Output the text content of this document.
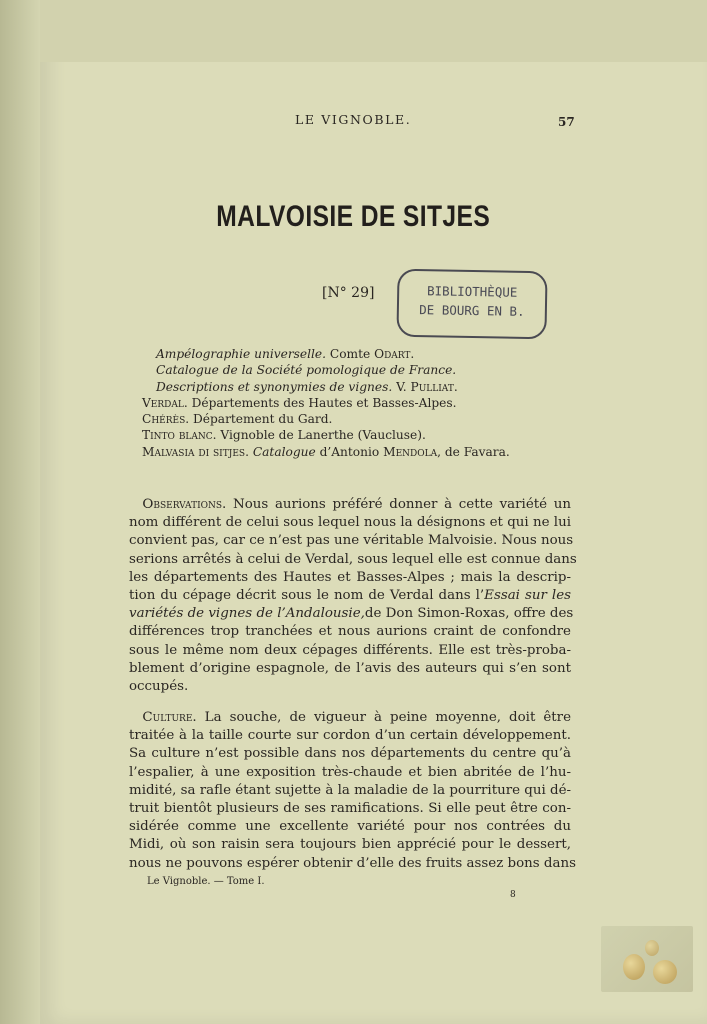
LE VIGNOBLE.	57
MALVOISIE DE SITJES
[N° 29]	BIBLIOTHÈQUE
DE BOURG EN B.
Ampélographie universelle. Comte Odart.
Catalogue de la Société pomologique de France.
Descriptions et synonymies de vignes. V. Pulliat.
Verdal. Départements des Hautes et Basses-Alpes.
Chérès. Département du Gard.
Tinto blanc. Vignoble de Lanerthe (Vaucluse).
Malvasia di sitjes. Catalogue d’Antonio Mendola, de Favara.
 Observations. Nous aurions préféré donner à cette variété un
nom différent de celui sous lequel nous la désignons et qui ne lui
convient pas, car ce n’est pas une véritable Malvoisie. Nous nous
serions arrêtés à celui de Verdal, sous lequel elle est connue dans
les départements des Hautes et Basses-Alpes ; mais la descrip-
tion du cépage décrit sous le nom de Verdal dans l’Essai sur les
variétés de vignes de l’Andalousie,de Don Simon-Roxas, offre des
différences trop tranchées et nous aurions craint de confondre
sous le même nom deux cépages différents. Elle est très-proba-
blement d’origine espagnole, de l’avis des auteurs qui s’en sont
occupés.
 Culture. La souche, de vigueur à peine moyenne, doit être
traitée à la taille courte sur cordon d’un certain développement.
Sa culture n’est possible dans nos départements du centre qu’à
l’espalier, à une exposition très-chaude et bien abritée de l’hu-
midité, sa rafle étant sujette à la maladie de la pourriture qui dé-
truit bientôt plusieurs de ses ramifications. Si elle peut être con-
sidérée comme une excellente variété pour nos contrées du
Midi, où son raisin sera toujours bien apprécié pour le dessert,
nous ne pouvons espérer obtenir d’elle des fruits assez bons dans
Le Vignoble. — Tome I.
8
